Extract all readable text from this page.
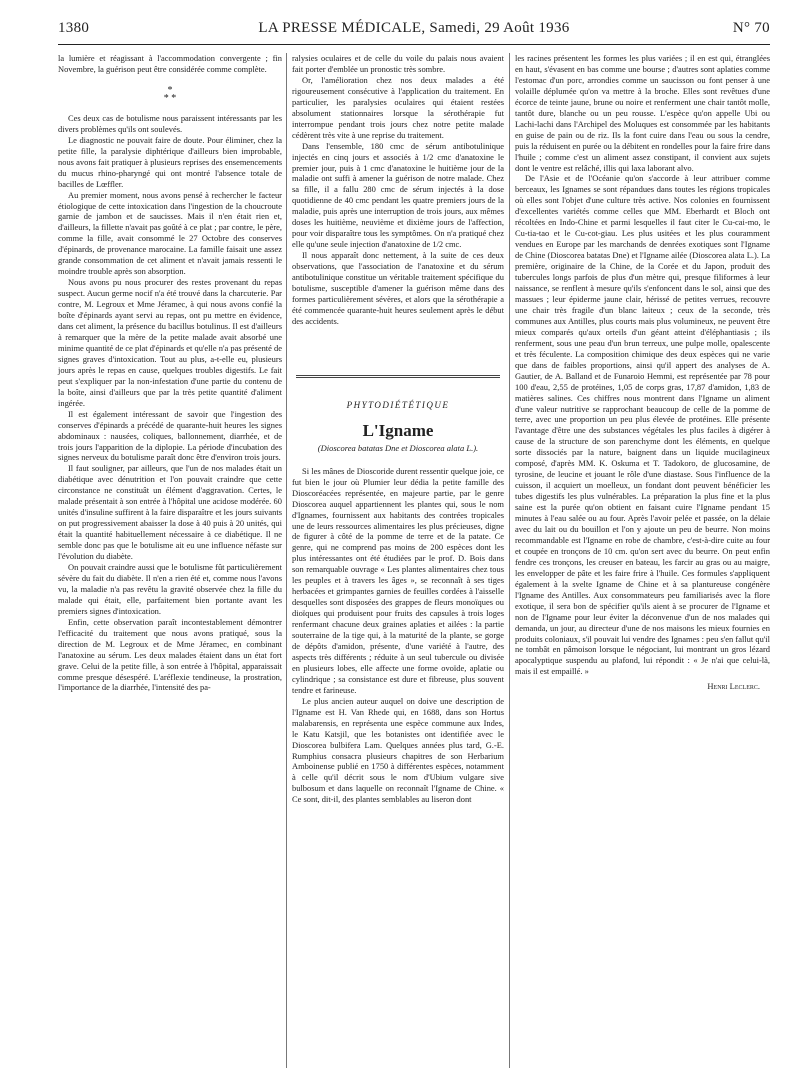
1380	LA PRESSE MÉDICALE, Samedi, 29 Août 1936	N° 70

la lumière et réagissant à l'accommodation convergente ; fin Novembre, la guérison peut être considérée comme complète.

*
* *

Ces deux cas de botulisme nous paraissent intéressants par les divers problèmes qu'ils ont soulevés.

Le diagnostic ne pouvait faire de doute. Pour éliminer, chez la petite fille, la paralysie diphtérique d'ailleurs bien improbable, nous avons fait pratiquer à plusieurs reprises des ensemencements du mucus rhino-pharyngé qui ont montré l'absence totale de bacilles de Lœffler.

Au premier moment, nous avons pensé à rechercher le facteur étiologique de cette intoxication dans l'ingestion de la choucroute garnie de jambon et de saucisses. Mais il n'en était rien et, d'ailleurs, la fillette n'avait pas goûté à ce plat ; par contre, le père, comme la fille, avait consommé le 27 Octobre des conserves d'épinards, de provenance marocaine. La famille faisait une assez grande consommation de cet aliment et n'avait jamais ressenti le moindre trouble après son absorption.

Nous avons pu nous procurer des restes provenant du repas suspect. Aucun germe nocif n'a été trouvé dans la charcuterie. Par contre, M. Legroux et Mme Jéramec, à qui nous avons confié la boîte d'épinards ayant servi au repas, ont pu mettre en évidence, dans cet aliment, la présence du bacillus botulinus. Il est d'ailleurs à remarquer que la mère de la petite malade avait absorbé une minime quantité de ce plat d'épinards et qu'elle n'a pas présenté de signes graves d'intoxication. Tout au plus, a-t-elle eu, plusieurs jours après le repas en cause, quelques troubles digestifs. Le fait peut s'expliquer par la non-infestation d'une partie du contenu de la boîte, ainsi d'ailleurs que par la très petite quantité d'aliment ingérée.

Il est également intéressant de savoir que l'ingestion des conserves d'épinards a précédé de quarante-huit heures les signes abdominaux : nausées, coliques, ballonnement, diarrhée, et de trois jours l'apparition de la diplopie. La période d'incubation des signes nerveux du botulisme paraît donc être d'environ trois jours.

Il faut souligner, par ailleurs, que l'un de nos malades était un diabétique avec dénutrition et l'on pouvait craindre que cette circonstance ne constituât un élément d'aggravation. Certes, le malade présentait à son entrée à l'hôpital une acidose modérée. 60 unités d'insuline suffirent à la faire disparaître et les jours suivants on put progressivement abaisser la dose à 40 puis à 20 unités, qui était la quantité habituellement nécessaire à ce diabétique. Il ne semble donc pas que le botulisme ait eu une influence néfaste sur l'évolution du diabète.

On pouvait craindre aussi que le botulisme fût particulièrement sévère du fait du diabète. Il n'en a rien été et, comme nous l'avons vu, la maladie n'a pas revêtu la gravité observée chez la fille du malade qui était, elle, parfaitement bien portante avant les premiers signes d'intoxication.

Enfin, cette observation paraît incontestablement démontrer l'efficacité du traitement que nous avons pratiqué, sous la direction de M. Legroux et de Mme Jéramec, en combinant l'anatoxine au sérum. Les deux malades étaient dans un état fort grave. Celui de la petite fille, à son entrée à l'hôpital, apparaissait comme presque désespéré. L'aréflexie tendineuse, la prostration, l'importance de la diarrhée, l'intensité des pa-

ralysies oculaires et de celle du voile du palais nous avaient fait porter d'emblée un pronostic très sombre.

Or, l'amélioration chez nos deux malades a été rigoureusement consécutive à l'application du traitement. En particulier, les paralysies oculaires qui étaient restées absolument stationnaires lorsque la sérothérapie fut interrompue pendant trois jours chez notre petite malade cédèrent très vite à une reprise du traitement.

Dans l'ensemble, 180 cmc de sérum antibotulinique injectés en cinq jours et associés à 1/2 cmc d'anatoxine le premier jour, puis à 1 cmc d'anatoxine le huitième jour de la maladie ont suffi à amener la guérison de notre malade. Chez sa fille, il a fallu 280 cmc de sérum injectés à la dose quotidienne de 40 cmc pendant les quatre premiers jours de la maladie, puis après une interruption de trois jours, aux mêmes doses les huitième, neuvième et dixième jours de l'affection, pour voir disparaître tous les symptômes. On n'a pratiqué chez elle qu'une seule injection d'anatoxine de 1/2 cmc.

Il nous apparaît donc nettement, à la suite de ces deux observations, que l'association de l'anatoxine et du sérum antibotulinique constitue un véritable traitement spécifique du botulisme, susceptible d'amener la guérison même dans des formes particulièrement sévères, et alors que la sérothérapie a été commencée quarante-huit heures seulement après le début des accidents.

PHYTODIÉTÉTIQUE
L'Igname
(Dioscorea batatas Dne et Dioscorea alata L.).

Si les mânes de Dioscoride durent ressentir quelque joie, ce fut bien le jour où Plumier leur dédia la petite famille des Dioscoréacées représentée, en majeure partie, par le genre Dioscorea auquel appartiennent les plantes qui, sous le nom d'Ignames, fournissent aux habitants des contrées tropicales une de leurs ressources alimentaires les plus précieuses, digne de figurer à côté de la pomme de terre et de la patate. Ce genre, qui ne comprend pas moins de 200 espèces dont les plus intéressantes ont été étudiées par le prof. D. Bois dans son remarquable ouvrage « Les plantes alimentaires chez tous les peuples et à travers les âges », se reconnaît à ses tiges herbacées et grimpantes garnies de feuilles cordées à l'aisselle desquelles sont disposées des grappes de fleurs monoïques ou dioïques qui produisent pour fruits des capsules à trois loges renfermant chacune deux graines aplaties et ailées : la partie souterraine de la tige qui, à la maturité de la plante, se gorge de dépôts d'amidon, présente, d'une variété à l'autre, des aspects très différents ; réduite à un seul tubercule ou divisée en plusieurs lobes, elle affecte une forme ovoïde, aplatie ou cylindrique ; sa consistance est dure et fibreuse, plus souvent tendre et farineuse.

Le plus ancien auteur auquel on doive une description de l'Igname est H. Van Rhede qui, en 1688, dans son Hortus malabarensis, en représenta une espèce commune aux Indes, le Katu Katsjil, que les botanistes ont identifiée avec le Dioscorea bulbifera Lam. Quelques années plus tard, G.-E. Rumphius consacra plusieurs chapitres de son Herbarium Amboinense publié en 1750 à différentes espèces, notamment à celle qu'il décrit sous le nom d'Ubium vulgare sive bulbosum et dans laquelle on reconnaît l'Igname de Chine. « Ce sont, dit-il, des plantes semblables au liseron dont

les racines présentent les formes les plus variées ; il en est qui, étranglées en haut, s'évasent en bas comme une bourse ; d'autres sont aplaties comme l'estomac d'un porc, arrondies comme un saucisson ou font penser à une volaille déplumée qu'on va mettre à la broche. Elles sont revêtues d'une écorce de teinte jaune, brune ou noire et renferment une chair tantôt molle, tantôt dure, blanche ou un peu rousse. L'espèce qu'on appelle Ubi ou Lachi-lachi dans l'Archipel des Moluques est consommée par les habitants en guise de pain ou de riz. Ils la font cuire dans l'eau ou sous la cendre, puis la réduisent en purée ou la débitent en rondelles pour la faire frire dans l'huile ; comme c'est un aliment assez constipant, il convient aux sujets dont le ventre est relâché, illis qui laxa laborant alvo.

De l'Asie et de l'Océanie qu'on s'accorde à leur attribuer comme berceaux, les Ignames se sont répandues dans toutes les régions tropicales où elles sont l'objet d'une culture très active. Nos colonies en fournissent d'excellentes variétés comme celles que MM. Eberhardt et Bloch ont récoltées en Indo-Chine et parmi lesquelles il faut citer le Cu-cai-mo, le Cu-tia-tao et le Cu-cot-giau. Les plus usitées et les plus couramment vendues en Europe par les marchands de denrées exotiques sont l'Igname de Chine (Dioscorea batatas Dne) et l'Igname ailée (Dioscorea alata L.). La première, originaire de la Chine, de la Corée et du Japon, produit des tubercules longs parfois de plus d'un mètre qui, presque filiformes à leur naissance, se renflent à mesure qu'ils s'enfoncent dans le sol, ainsi que des massues ; leur épiderme jaune clair, hérissé de petites verrues, recouvre une chair très fragile d'un blanc laiteux ; ceux de la seconde, très communes aux Antilles, plus courts mais plus volumineux, ne peuvent être mieux comparés qu'aux orteils d'un géant atteint d'éléphantiasis ; ils renferment, sous une peau d'un brun terreux, une pulpe molle, opalescente et très féculente. La composition chimique des deux espèces qui ne varie que dans de faibles proportions, ainsi qu'il appert des analyses de A. Gautier, de A. Balland et de Funaroio Hemmi, est représentée par 78 pour 100 d'eau, 2,55 de protéines, 1,05 de corps gras, 17,87 d'amidon, 1,83 de matières salines. Ces chiffres nous montrent dans l'Igname un aliment d'une valeur nutritive se rapprochant beaucoup de celle de la pomme de terre, avec une proportion un peu plus élevée de protéines. Elle présente l'avantage d'être une des substances végétales les plus faciles à digérer à cause de la structure de son parenchyme dont les éléments, en quelque sorte dissociés par la nature, baignent dans un liquide mucilagineux composé, d'après MM. K. Oskuma et T. Tadokoro, de glucosamine, de tyrosine, de leucine et jouant le rôle d'une diastase. Sous l'influence de la cuisson, il acquiert un moelleux, un fondant dont peuvent bénéficier les tubes digestifs les plus vulnérables. La préparation la plus fine et la plus saine est la purée qu'on obtient en faisant cuire l'Igname pendant 15 minutes à l'eau salée ou au four. Après l'avoir pelée et passée, on la délaie avec du lait ou du bouillon et l'on y ajoute un peu de beurre. Non moins recommandable est l'Igname en robe de chambre, c'est-à-dire cuite au four et coupée en tronçons de 10 cm. qu'on sert avec du beurre. On peut enfin fendre ces tronçons, les creuser en bateau, les farcir au gras ou au maigre, les envelopper de pâte et les faire frire à l'huile. Ces formules s'appliquent également à la svelte Igname de Chine et à sa plantureuse congénère l'Igname des Antilles. Aux consommateurs peu familiarisés avec la flore exotique, il sera bon de spécifier qu'ils aient à se procurer de l'Igname et non de l'Igname pour leur éviter la déconvenue d'un de nos malades qui demanda, un jour, au directeur d'une de nos maisons les mieux fournies en produits coloniaux, s'il pouvait lui vendre des Ignames : peu s'en fallut qu'il ne tombât en pâmoison lorsque le négociant, lui montrant un gros lézard apocalyptique suspendu au plafond, lui répondit : « Je n'ai que celui-là, mais il est empaillé. »

Henri Leclerc.
